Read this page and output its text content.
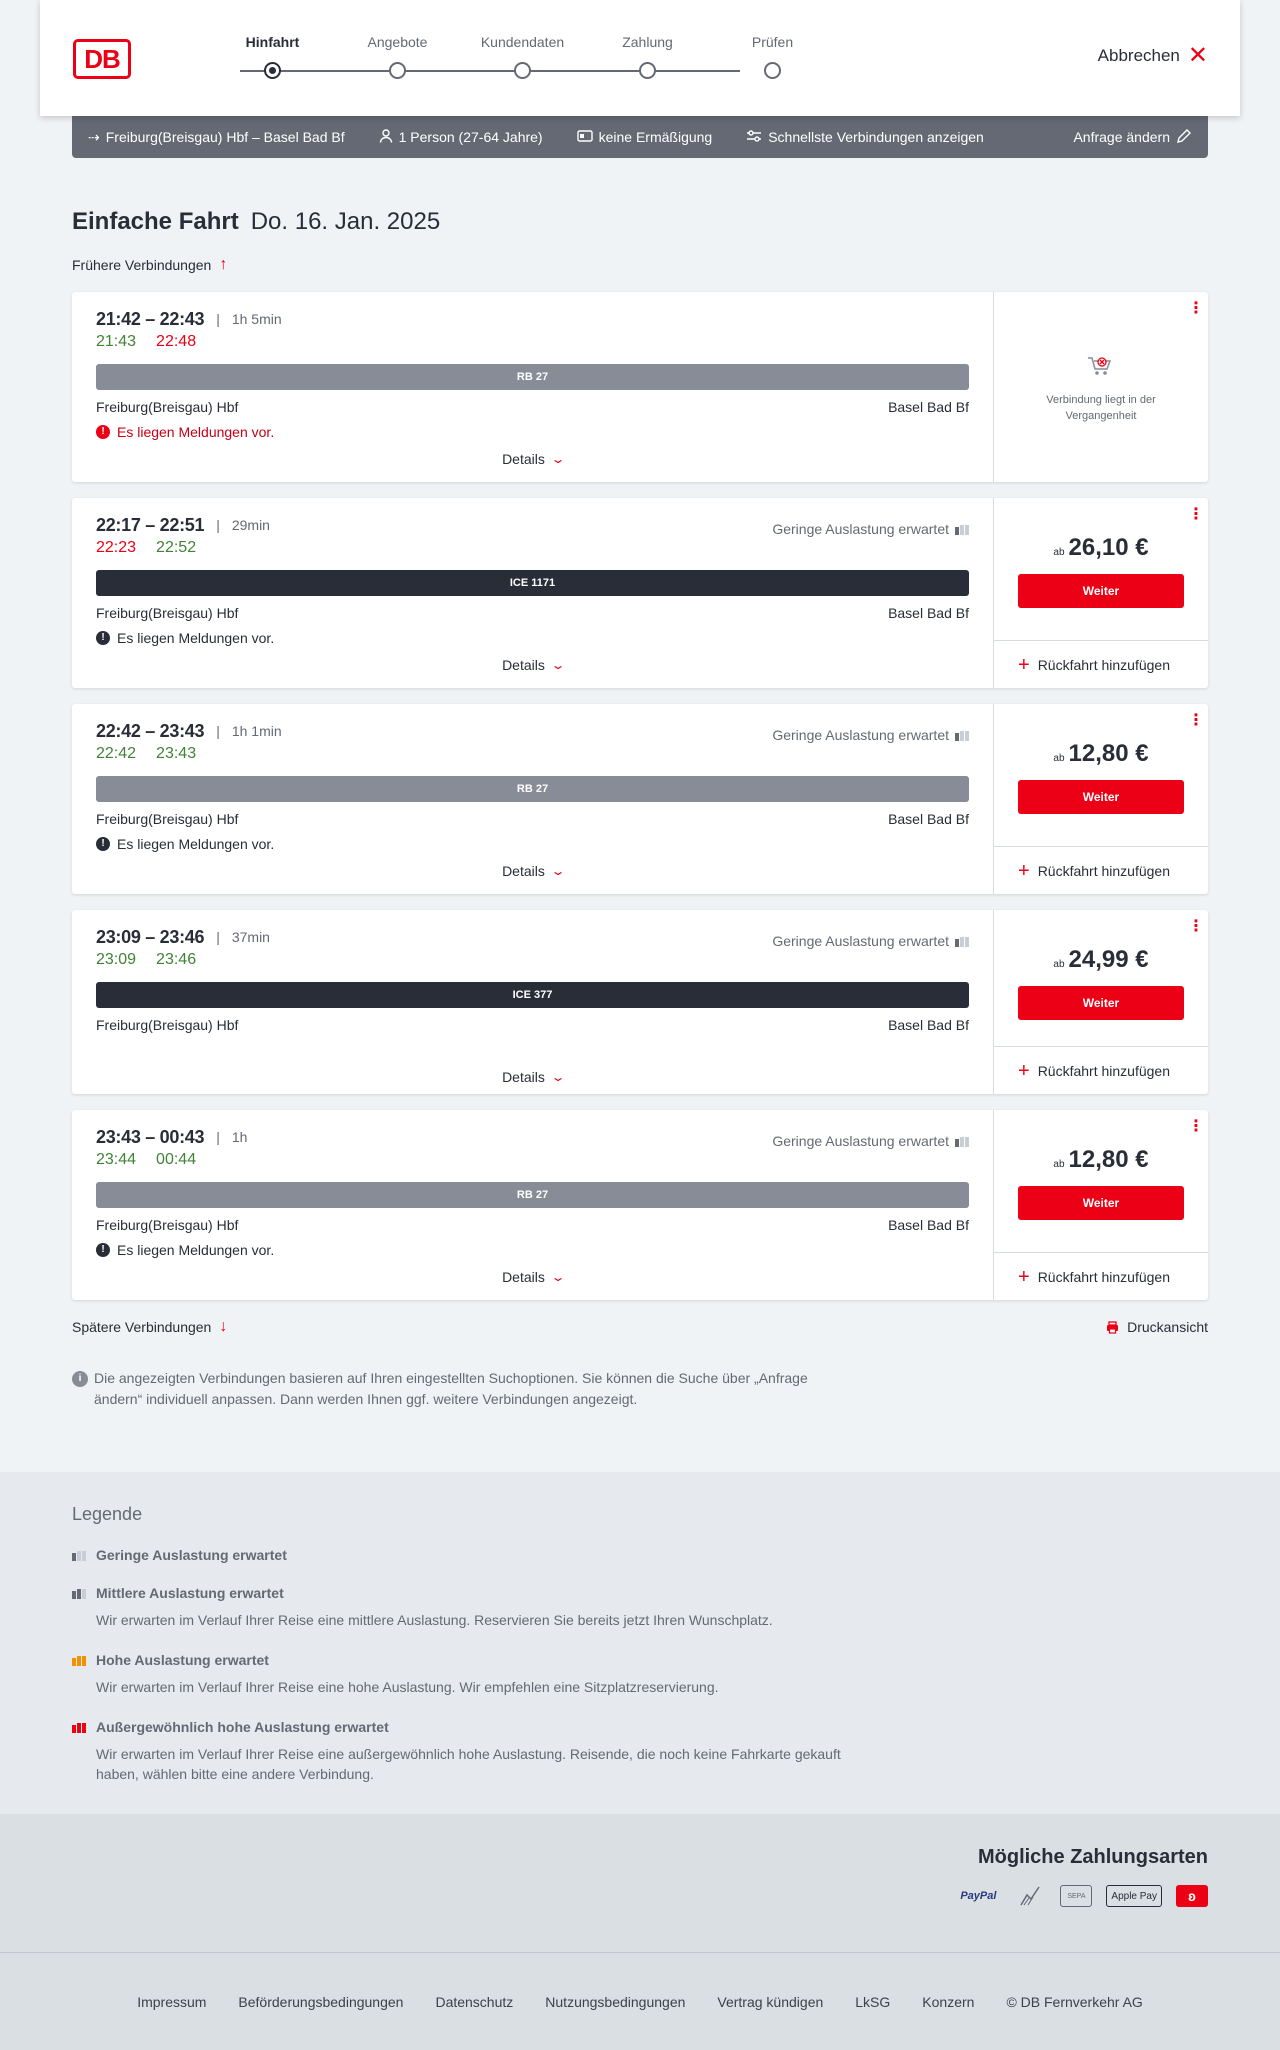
DB
Hinfahrt	Angebote	Kundendaten	Zahlung	Prüfen
Abbrechen ✕
⇢ Freiburg(Breisgau) Hbf – Basel Bad Bf	1 Person (27-64 Jahre)	keine Ermäßigung	Schnellste Verbindungen anzeigen	Anfrage ändern
Einfache Fahrt Do. 16. Jan. 2025
Frühere Verbindungen ↑
21:42 – 22:43 | 1h 5min
21:43 22:48
RB 27
Freiburg(Breisgau) Hbf	Basel Bad Bf
! Es liegen Meldungen vor.
Details ⌄
⋮
Verbindung liegt in der Vergangenheit
22:17 – 22:51 | 29min	Geringe Auslastung erwartet
22:23 22:52
ICE 1171
Freiburg(Breisgau) Hbf	Basel Bad Bf
! Es liegen Meldungen vor.
Details ⌄
⋮
ab 26,10 €
Weiter
+ Rückfahrt hinzufügen
22:42 – 23:43 | 1h 1min	Geringe Auslastung erwartet
22:42 23:43
RB 27
Freiburg(Breisgau) Hbf	Basel Bad Bf
! Es liegen Meldungen vor.
Details ⌄
⋮
ab 12,80 €
Weiter
+ Rückfahrt hinzufügen
23:09 – 23:46 | 37min	Geringe Auslastung erwartet
23:09 23:46
ICE 377
Freiburg(Breisgau) Hbf	Basel Bad Bf
Details ⌄
⋮
ab 24,99 €
Weiter
+ Rückfahrt hinzufügen
23:43 – 00:43 | 1h	Geringe Auslastung erwartet
23:44 00:44
RB 27
Freiburg(Breisgau) Hbf	Basel Bad Bf
! Es liegen Meldungen vor.
Details ⌄
⋮
ab 12,80 €
Weiter
+ Rückfahrt hinzufügen
Spätere Verbindungen ↓	Druckansicht
i Die angezeigten Verbindungen basieren auf Ihren eingestellten Suchoptionen. Sie können die Suche über „Anfrage ändern“ individuell anpassen. Dann werden Ihnen ggf. weitere Verbindungen angezeigt.
Legende
Geringe Auslastung erwartet
Mittlere Auslastung erwartet

Wir erwarten im Verlauf Ihrer Reise eine mittlere Auslastung. Reservieren Sie bereits jetzt Ihren Wunschplatz.

Hohe Auslastung erwartet

Wir erwarten im Verlauf Ihrer Reise eine hohe Auslastung. Wir empfehlen eine Sitzplatzreservierung.

Außergewöhnlich hohe Auslastung erwartet

Wir erwarten im Verlauf Ihrer Reise eine außergewöhnlich hohe Auslastung. Reisende, die noch keine Fahrkarte gekauft haben, wählen bitte eine andere Verbindung.

Mögliche Zahlungsarten
PayPal	SEPA	Apple Pay	ʚ
Impressum Beförderungsbedingungen Datenschutz Nutzungsbedingungen Vertrag kündigen LkSG Konzern © DB Fernverkehr AG
